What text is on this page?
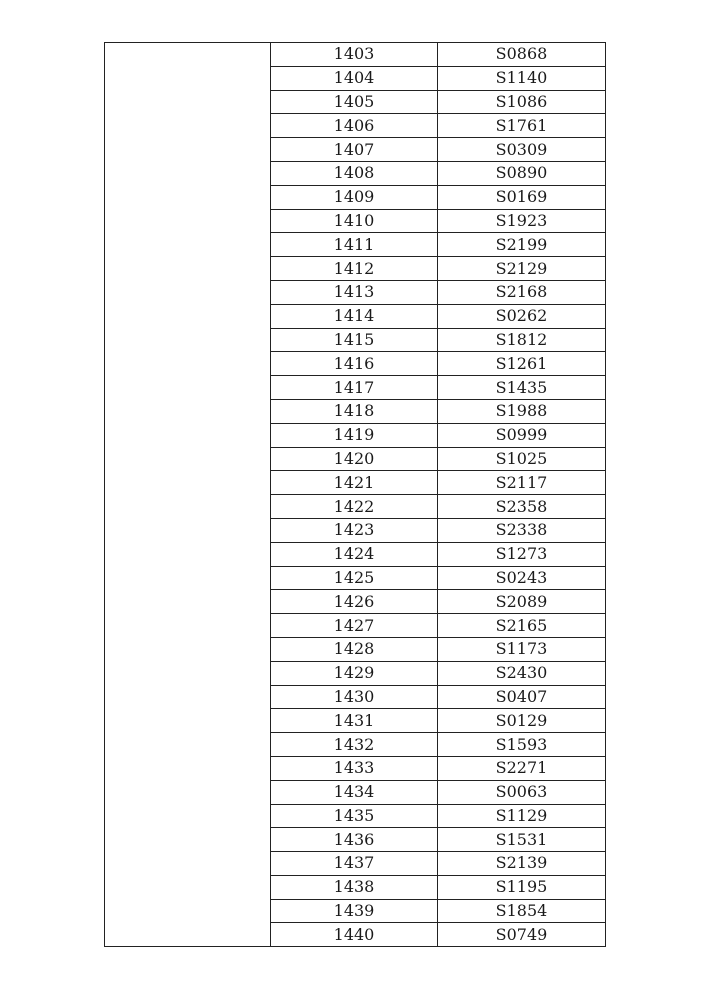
	1403	S0868
	1404	S1140
	1405	S1086
	1406	S1761
	1407	S0309
	1408	S0890
	1409	S0169
	1410	S1923
	1411	S2199
	1412	S2129
	1413	S2168
	1414	S0262
	1415	S1812
	1416	S1261
	1417	S1435
	1418	S1988
	1419	S0999
	1420	S1025
	1421	S2117
	1422	S2358
	1423	S2338
	1424	S1273
	1425	S0243
	1426	S2089
	1427	S2165
	1428	S1173
	1429	S2430
	1430	S0407
	1431	S0129
	1432	S1593
	1433	S2271
	1434	S0063
	1435	S1129
	1436	S1531
	1437	S2139
	1438	S1195
	1439	S1854
	1440	S0749
